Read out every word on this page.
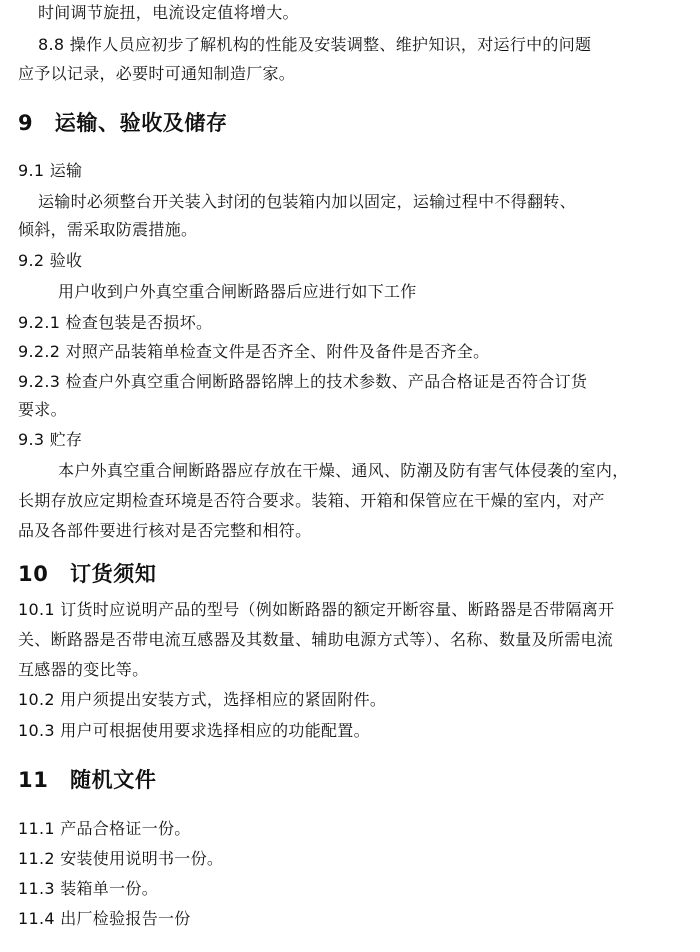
时间调节旋扭，电流设定值将增大。
8.8 操作人员应初步了解机构的性能及安装调整、维护知识，对运行中的问题
应予以记录，必要时可通知制造厂家。
9　运输、验收及储存
9.1 运输
运输时必须整台开关装入封闭的包装箱内加以固定，运输过程中不得翻转、
倾斜，需采取防震措施。
9.2 验收
用户收到户外真空重合闸断路器后应进行如下工作
9.2.1 检查包装是否损坏。
9.2.2 对照产品装箱单检查文件是否齐全、附件及备件是否齐全。
9.2.3 检查户外真空重合闸断路器铭牌上的技术参数、产品合格证是否符合订货
要求。
9.3 贮存
本户外真空重合闸断路器应存放在干燥、通风、防潮及防有害气体侵袭的室内，
长期存放应定期检查环境是否符合要求。装箱、开箱和保管应在干燥的室内，对产
品及各部件要进行核对是否完整和相符。
10　订货须知
10.1 订货时应说明产品的型号（例如断路器的额定开断容量、断路器是否带隔离开
关、断路器是否带电流互感器及其数量、辅助电源方式等）、名称、数量及所需电流
互感器的变比等。
10.2 用户须提出安装方式，选择相应的紧固附件。
10.3 用户可根据使用要求选择相应的功能配置。
11　随机文件
11.1 产品合格证一份。
11.2 安装使用说明书一份。
11.3 装箱单一份。
11.4 出厂检验报告一份
